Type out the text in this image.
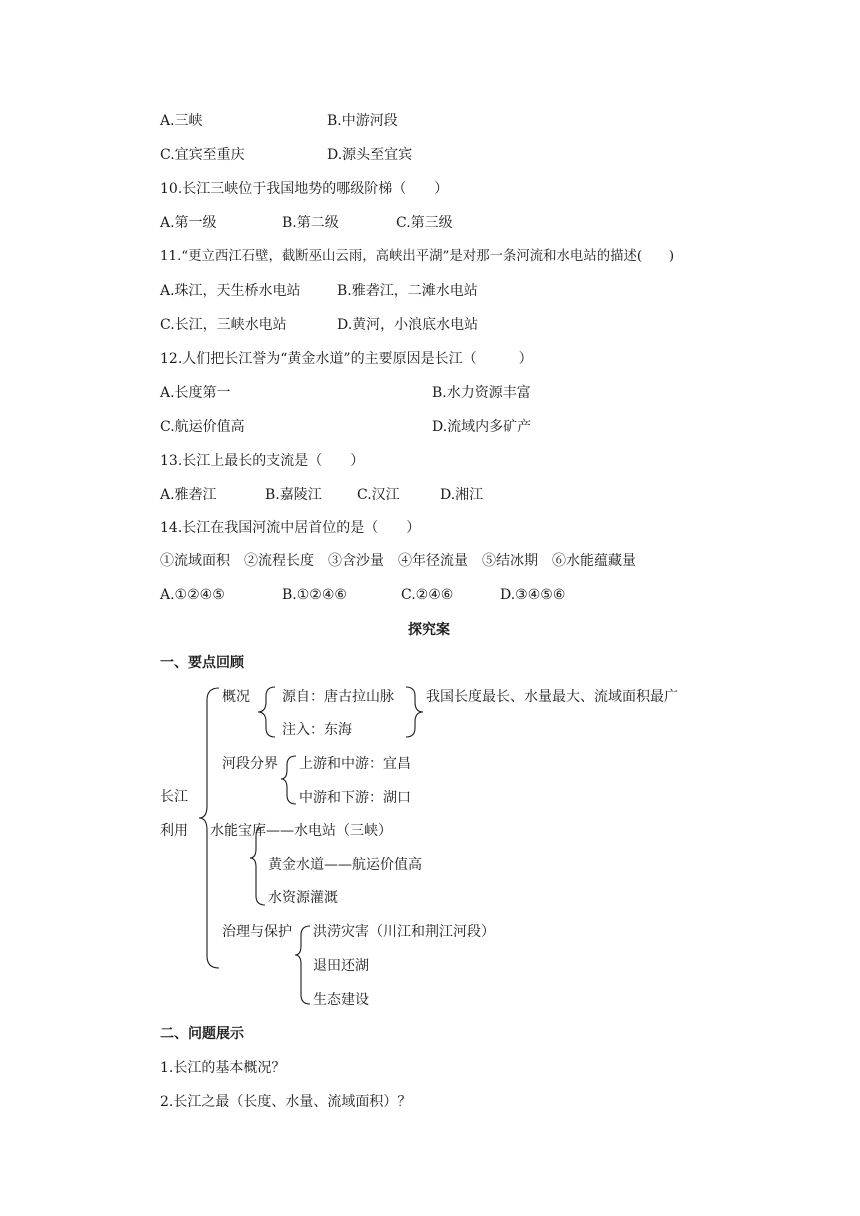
A.三峡	B.中游河段
C.宜宾至重庆	D.源头至宜宾
10.长江三峡位于我国地势的哪级阶梯（　　）
A.第一级	B.第二级	C.第三级
11.“更立西江石壁，截断巫山云雨，高峡出平湖”是对那一条河流和水电站的描述(　　)
A.珠江，天生桥水电站	B.雅砻江，二滩水电站
C.长江，三峡水电站	D.黄河，小浪底水电站
12.人们把长江誉为“黄金水道”的主要原因是长江（　　　）
A.长度第一	B.水力资源丰富
C.航运价值高	D.流域内多矿产
13.长江上最长的支流是（　　）
A.雅砻江	B.嘉陵江	C.汉江	D.湘江
14.长江在我国河流中居首位的是（　　）
①流域面积　②流程长度　③含沙量　④年径流量　⑤结冰期　⑥水能蕴藏量
A.①②④⑤	B.①②④⑥	C.②④⑥	D.③④⑤⑥
探究案
一、要点回顾
长江
利用
概况 源自：唐古拉山脉
注入：东海
我国长度最长、水量最大、流域面积最广
河段分界 上游和中游：宜昌
中游和下游：湖口
水能宝库——水电站（三峡）
黄金水道——航运价值高
水资源灌溉
治理与保护 洪涝灾害（川江和荆江河段）
退田还湖
生态建设
二、问题展示
1.长江的基本概况？
2.长江之最（长度、水量、流域面积）？
